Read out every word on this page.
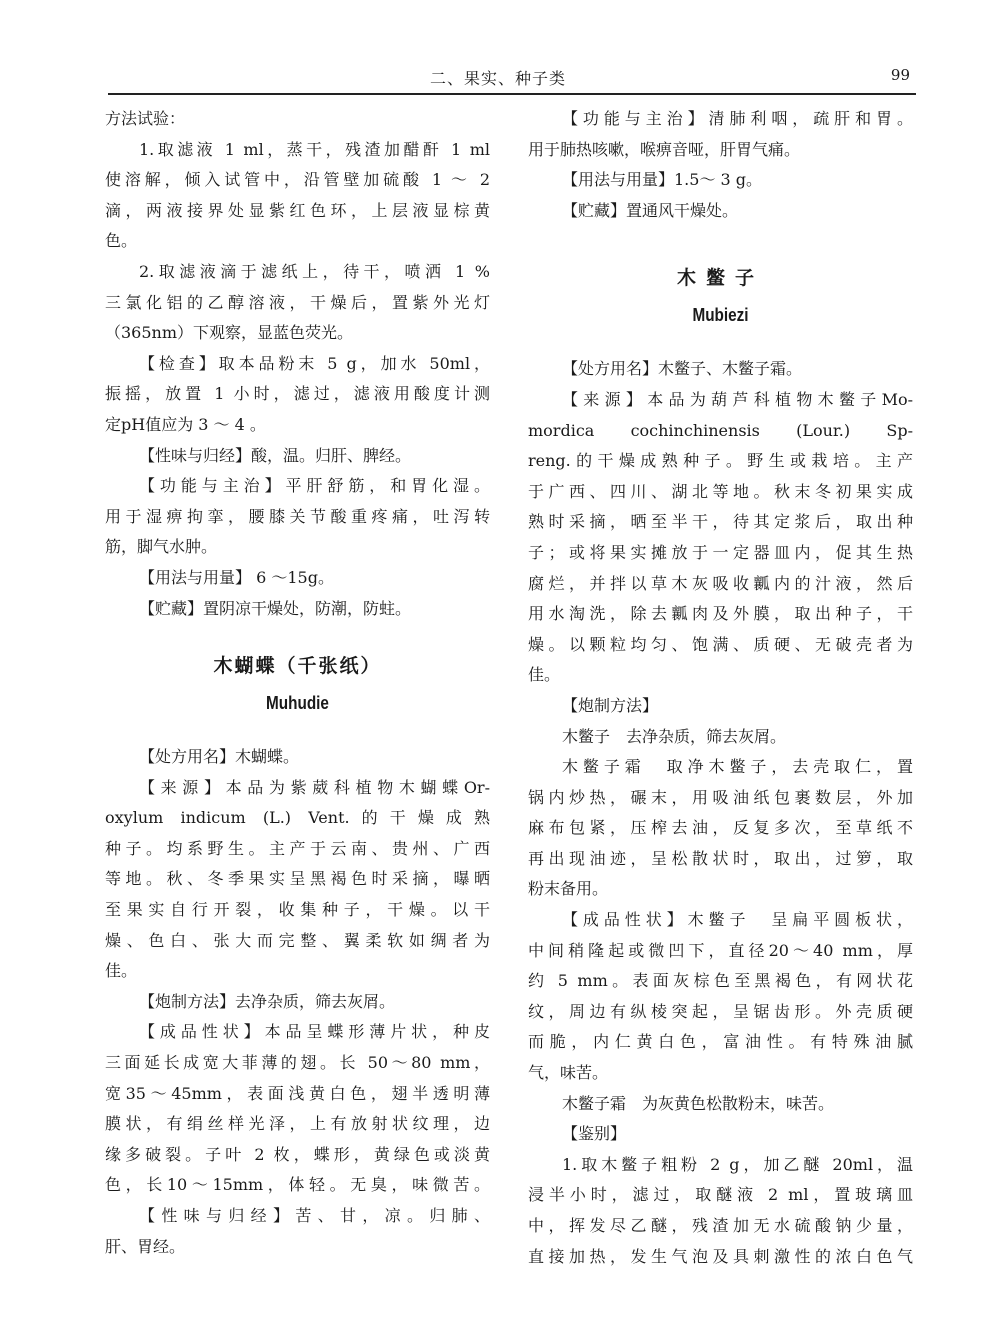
二、果实、种子类	99
方法试验：
1.取滤液 1 ml，蒸干，残渣加醋酐 1 ml
使溶解，倾入试管中，沿管壁加硫酸 1 ～ 2
滴，两液接界处显紫红色环，上层液显棕黄
色。
2.取滤液滴于滤纸上，待干，喷洒 1 %
三氯化铝的乙醇溶液，干燥后，置紫外光灯
（365nm）下观察，显蓝色荧光。
【检查】取本品粉末 5 g，加水 50ml，
振摇，放置 1 小时，滤过，滤液用酸度计测
定pH值应为 3 ～ 4 。
【性味与归经】酸，温。归肝、脾经。
【功能与主治】平肝舒筋，和胃化湿。
用于湿痹拘挛，腰膝关节酸重疼痛，吐泻转
筋，脚气水肿。
【用法与用量】 6 ～15g。
【贮藏】置阴凉干燥处，防潮，防蛀。
木蝴蝶（千张纸）
Muhudie
【处方用名】木蝴蝶。
【来源】本品为紫葳科植物木蝴蝶Or-
oxylum indicum (L.) Vent.的干燥成熟
种子。均系野生。主产于云南、贵州、广西
等地。秋、冬季果实呈黑褐色时采摘，曝晒
至果实自行开裂，收集种子，干燥。以干
燥、色白、张大而完整、翼柔软如绸者为
佳。
【炮制方法】去净杂质，筛去灰屑。
【成品性状】本品呈蝶形薄片状，种皮
三面延长成宽大菲薄的翅。长 50～80 mm，
宽35～45mm，表面浅黄白色，翅半透明薄
膜状，有绢丝样光泽，上有放射状纹理，边
缘多破裂。子叶 2 枚，蝶形，黄绿色或淡黄
色，长10～15mm，体轻。无臭，味微苦。
【性味与归经】苦、甘，凉。归肺、
肝、胃经。
【功能与主治】清肺利咽，疏肝和胃。
用于肺热咳嗽，喉痹音哑，肝胃气痛。
【用法与用量】1.5～ 3 g。
【贮藏】置通风干燥处。
木鳖子
Mubiezi
【处方用名】木鳖子、木鳖子霜。
【来源】本品为葫芦科植物木鳖子Mo-
mordica cochinchinensis (Lour.) Sp-
reng.的干燥成熟种子。野生或栽培。主产
于广西、四川、湖北等地。秋末冬初果实成
熟时采摘，晒至半干，待其定浆后，取出种
子；或将果实摊放于一定器皿内，促其生热
腐烂，并拌以草木灰吸收瓤内的汁液，然后
用水淘洗，除去瓤肉及外膜，取出种子，干
燥。以颗粒均匀、饱满、质硬、无破壳者为
佳。
【炮制方法】
木鳖子　去净杂质，筛去灰屑。
木鳖子霜　取净木鳖子，去壳取仁，置
锅内炒热，碾末，用吸油纸包裹数层，外加
麻布包紧，压榨去油，反复多次，至草纸不
再出现油迹，呈松散状时，取出，过箩，取
粉末备用。
【成品性状】木鳖子　呈扁平圆板状，
中间稍隆起或微凹下，直径20～40 mm，厚
约 5 mm。表面灰棕色至黑褐色，有网状花
纹，周边有纵棱突起，呈锯齿形。外壳质硬
而脆，内仁黄白色，富油性。有特殊油腻
气，味苦。
木鳖子霜　为灰黄色松散粉末，味苦。
【鉴别】
1.取木鳖子粗粉 2 g，加乙醚 20ml，温
浸半小时，滤过，取醚液 2 ml，置玻璃皿
中，挥发尽乙醚，残渣加无水硫酸钠少量，
直接加热，发生气泡及具刺激性的浓白色气
